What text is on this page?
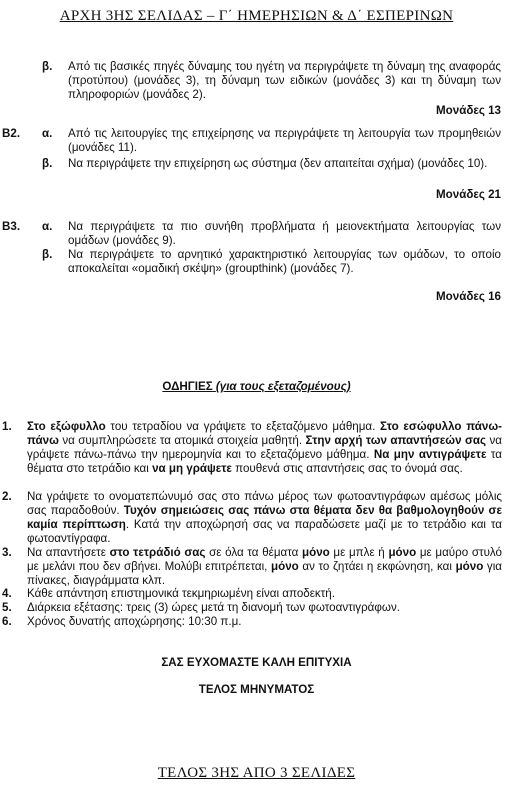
ΑΡΧΗ 3ΗΣ ΣΕΛΙΔΑΣ – Γ΄ ΗΜΕΡΗΣΙΩΝ & Δ΄ ΕΣΠΕΡΙΝΩΝ
β. Από τις βασικές πηγές δύναμης του ηγέτη να περιγράψετε τη δύναμη της αναφοράς (προτύπου) (μονάδες 3), τη δύναμη των ειδικών (μονάδες 3) και τη δύναμη των πληροφοριών (μονάδες 2).
Μονάδες 13
B2. α. Από τις λειτουργίες της επιχείρησης να περιγράψετε τη λειτουργία των προμηθειών (μονάδες 11).
β. Να περιγράψετε την επιχείρηση ως σύστημα (δεν απαιτείται σχήμα) (μονάδες 10).
Μονάδες 21
B3. α. Να περιγράψετε τα πιο συνήθη προβλήματα ή μειονεκτήματα λειτουργίας των ομάδων (μονάδες 9).
β. Να περιγράψετε το αρνητικό χαρακτηριστικό λειτουργίας των ομάδων, το οποίο αποκαλείται «ομαδική σκέψη» (groupthink) (μονάδες 7).
Μονάδες 16
ΟΔΗΓΙΕΣ (για τους εξεταζομένους)
1. Στο εξώφυλλο του τετραδίου να γράψετε το εξεταζόμενο μάθημα. Στο εσώφυλλο πάνω-πάνω να συμπληρώσετε τα ατομικά στοιχεία μαθητή. Στην αρχή των απαντήσεών σας να γράψετε πάνω-πάνω την ημερομηνία και το εξεταζόμενο μάθημα. Να μην αντιγράψετε τα θέματα στο τετράδιο και να μη γράψετε πουθενά στις απαντήσεις σας το όνομά σας.
2. Να γράψετε το ονοματεπώνυμό σας στο πάνω μέρος των φωτοαντιγράφων αμέσως μόλις σας παραδοθούν. Τυχόν σημειώσεις σας πάνω στα θέματα δεν θα βαθμολογηθούν σε καμία περίπτωση. Κατά την αποχώρησή σας να παραδώσετε μαζί με το τετράδιο και τα φωτοαντίγραφα.
3. Να απαντήσετε στο τετράδιό σας σε όλα τα θέματα μόνο με μπλε ή μόνο με μαύρο στυλό με μελάνι που δεν σβήνει. Μολύβι επιτρέπεται, μόνο αν το ζητάει η εκφώνηση, και μόνο για πίνακες, διαγράμματα κλπ.
4. Κάθε απάντηση επιστημονικά τεκμηριωμένη είναι αποδεκτή.
5. Διάρκεια εξέτασης: τρεις (3) ώρες μετά τη διανομή των φωτοαντιγράφων.
6. Χρόνος δυνατής αποχώρησης: 10:30 π.μ.
ΣΑΣ ΕΥΧΟΜΑΣΤΕ ΚΑΛΗ ΕΠΙΤΥΧΙΑ
ΤΕΛΟΣ ΜΗΝΥΜΑΤΟΣ
ΤΕΛΟΣ 3ΗΣ ΑΠΟ 3 ΣΕΛΙΔΕΣ
